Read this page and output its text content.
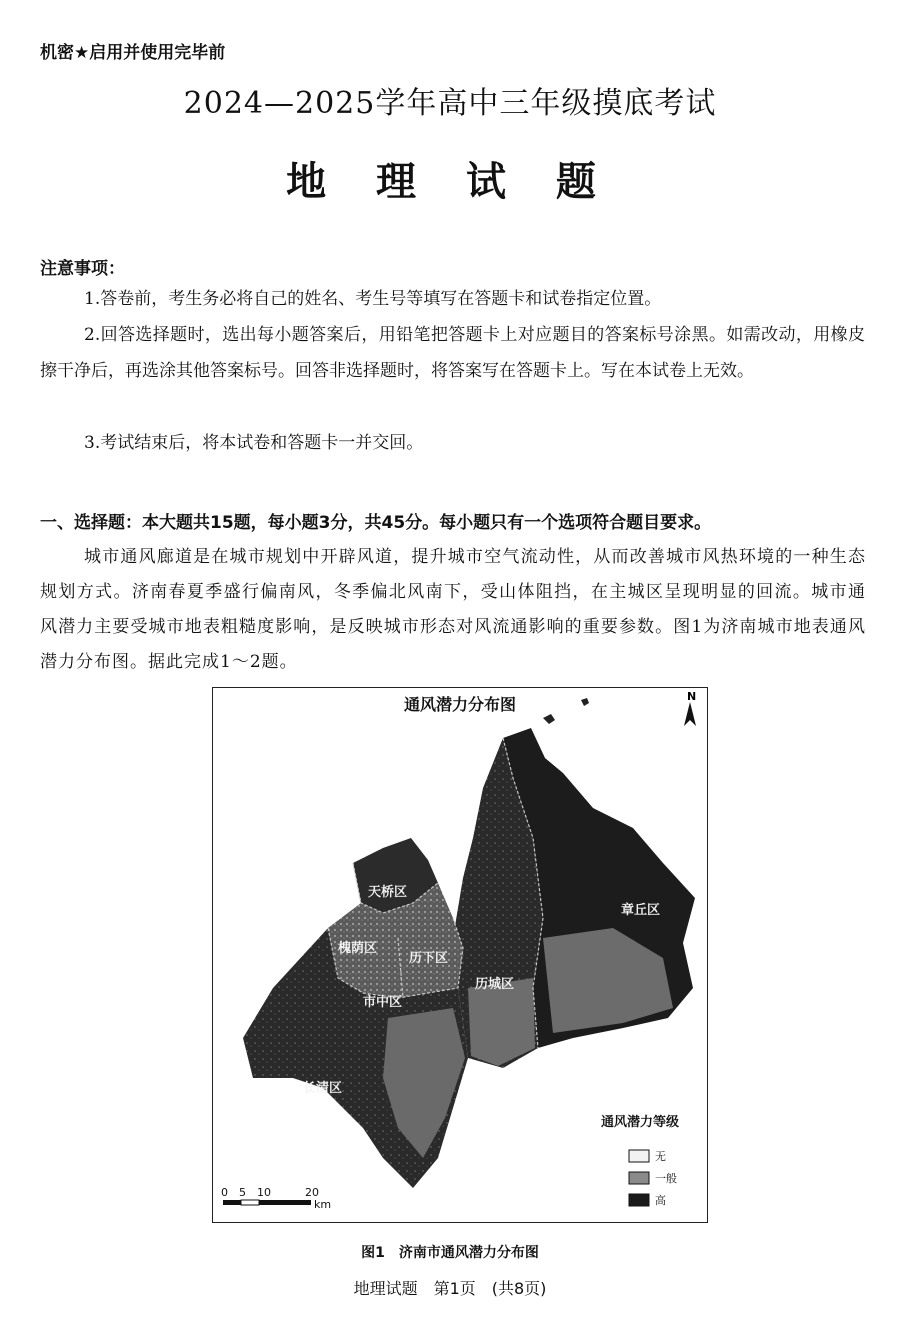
机密★启用并使用完毕前
2024—2025学年高中三年级摸底考试
地 理 试 题
注意事项：
1.答卷前，考生务必将自己的姓名、考生号等填写在答题卡和试卷指定位置。
2.回答选择题时，选出每小题答案后，用铅笔把答题卡上对应题目的答案标号涂黑。如需改动，用橡皮擦干净后，再选涂其他答案标号。回答非选择题时，将答案写在答题卡上。写在本试卷上无效。
3.考试结束后，将本试卷和答题卡一并交回。
一、选择题：本大题共15题，每小题3分，共45分。每小题只有一个选项符合题目要求。
城市通风廊道是在城市规划中开辟风道，提升城市空气流动性，从而改善城市风热环境的一种生态规划方式。济南春夏季盛行偏南风，冬季偏北风南下，受山体阻挡，在主城区呈现明显的回流。城市通风潜力主要受城市地表粗糙度影响，是反映城市形态对风流通影响的重要参数。图1为济南城市地表通风潜力分布图。据此完成1～2题。
通风潜力分布图	N
天桥区
槐荫区
历下区
市中区
历城区
章丘区
长清区
通风潜力等级
无
一般
高
0 5 10	20
km
图1　济南市通风潜力分布图
地理试题　第1页　(共8页)
